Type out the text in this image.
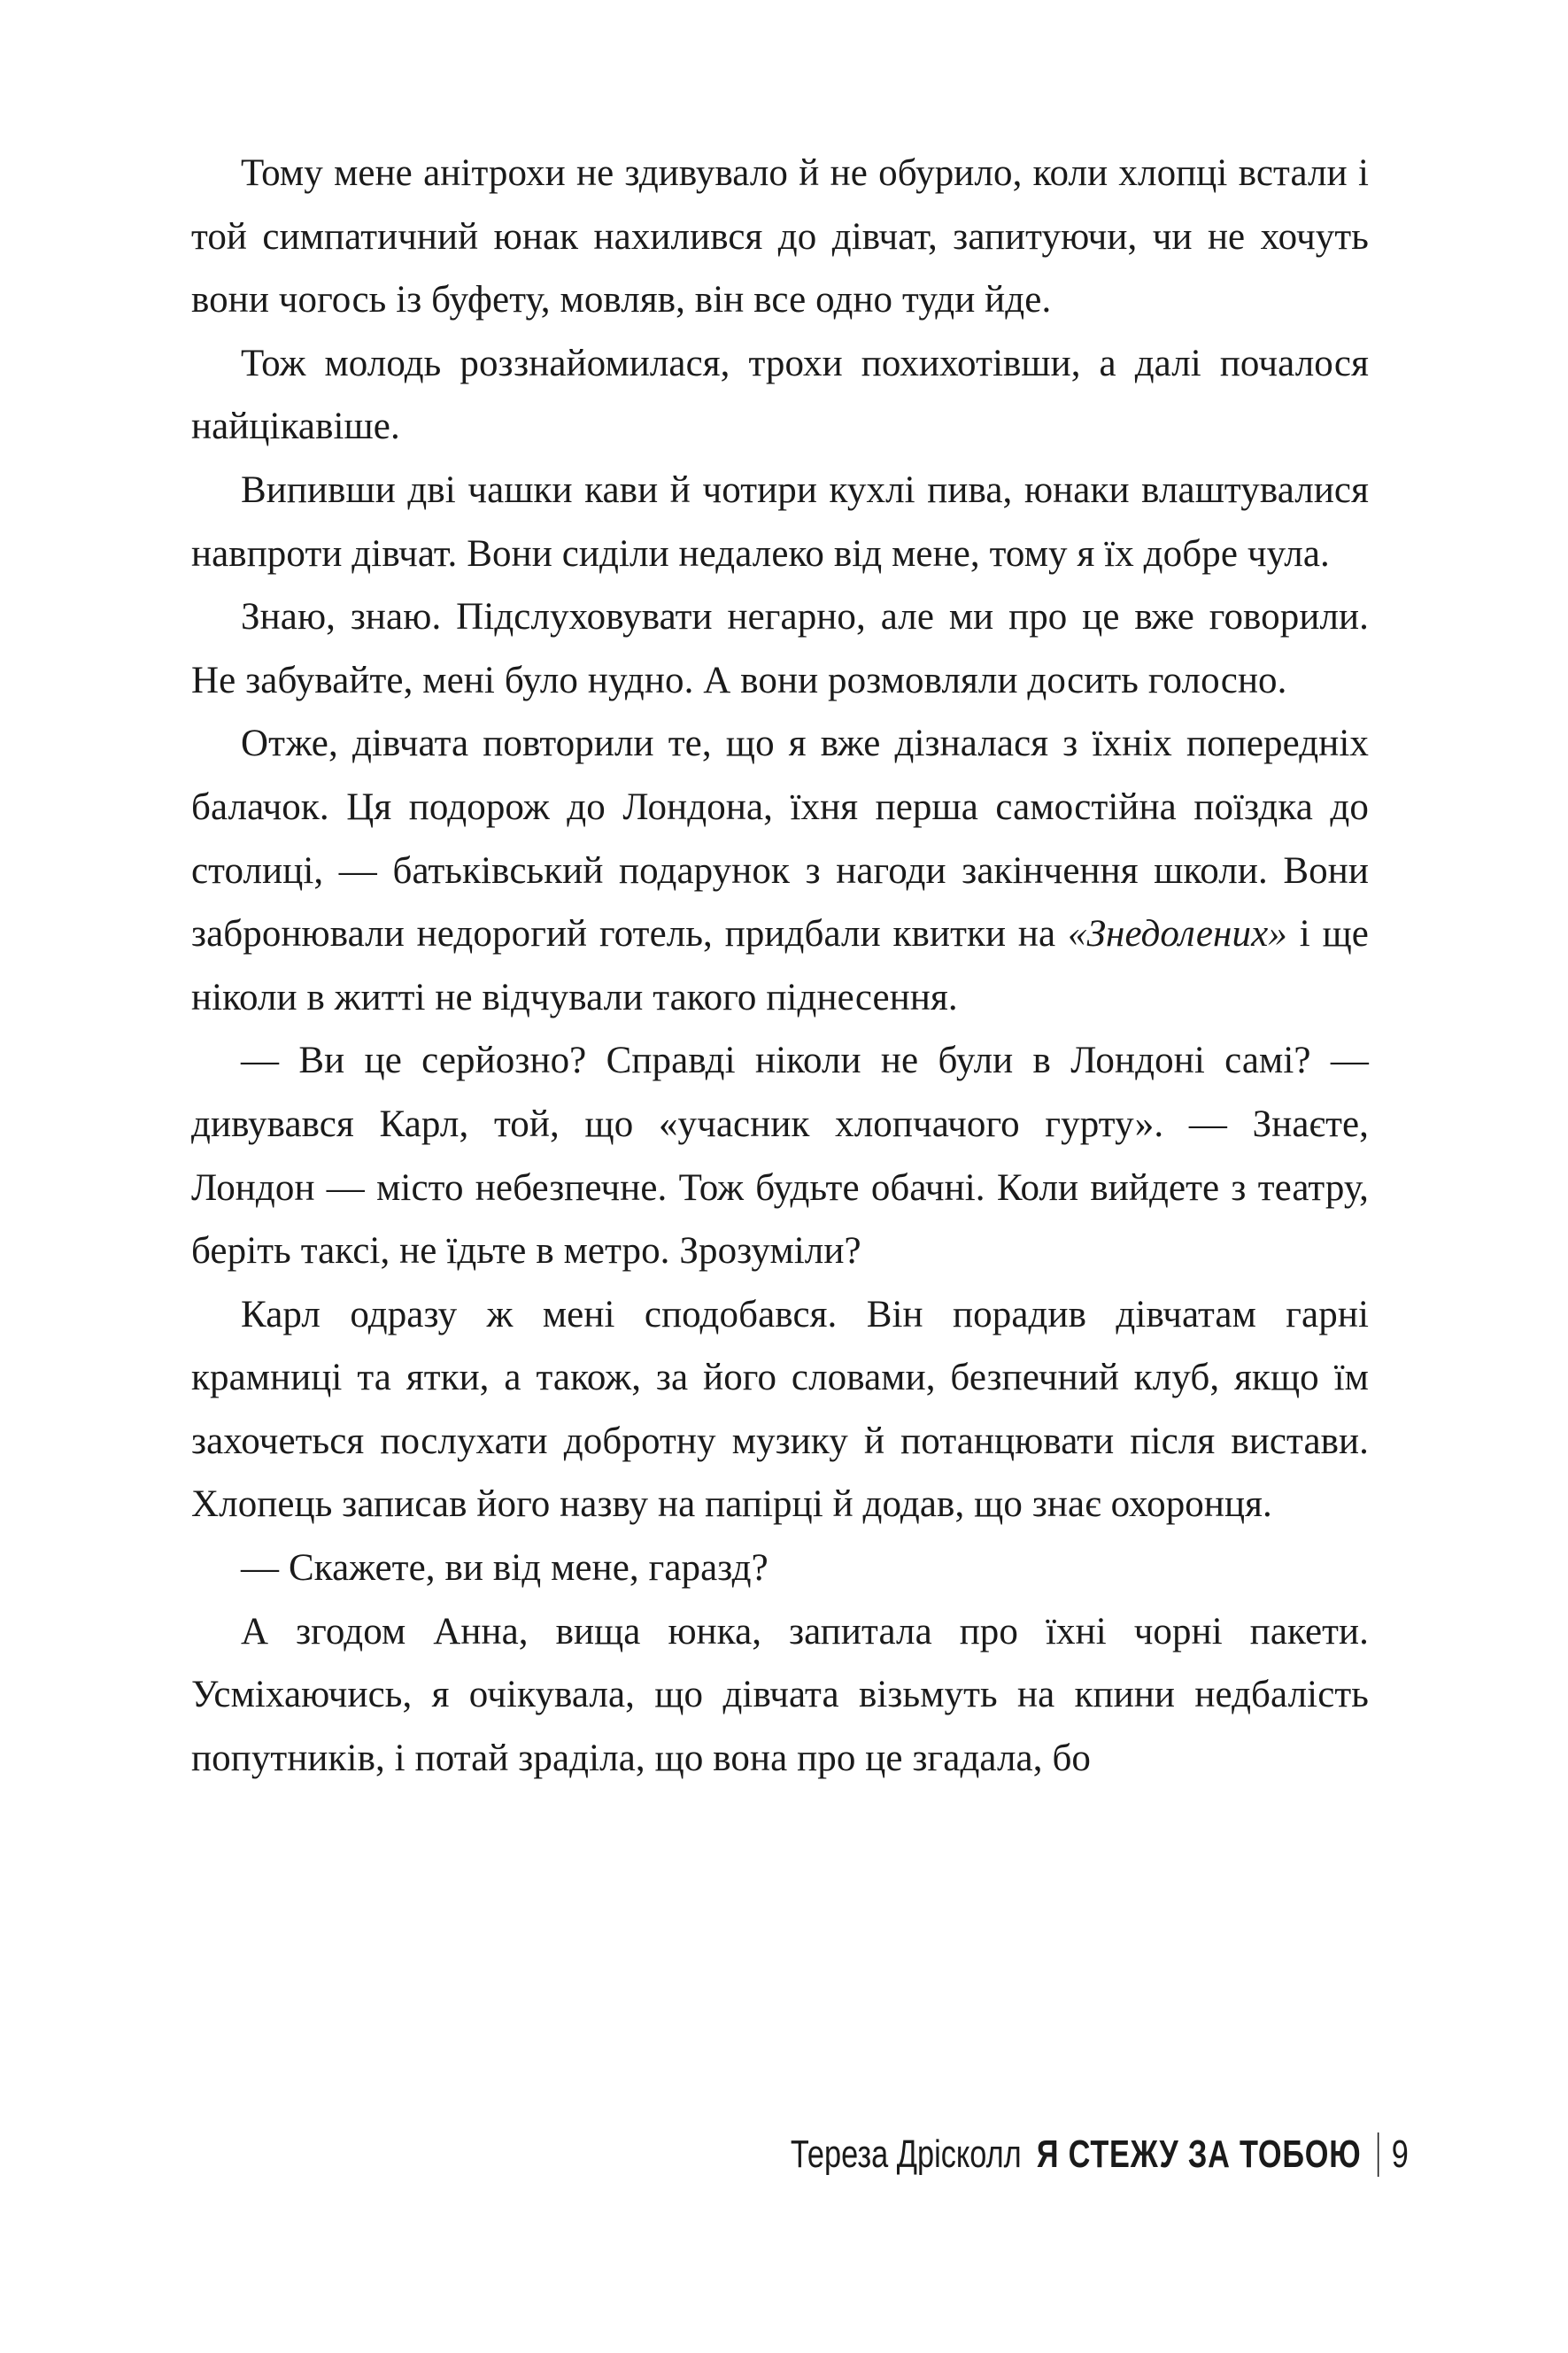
Тому мене анітрохи не здивувало й не обурило, коли хлопці встали і той симпатичний юнак нахилився до дівчат, запитуючи, чи не хочуть вони чогось із буфету, мовляв, він все одно туди йде.

Тож молодь роззнайомилася, трохи похихотівши, а далі почалося найцікавіше.

Випивши дві чашки кави й чотири кухлі пива, юнаки влаштувалися навпроти дівчат. Вони сиділи недалеко від мене, тому я їх добре чула.

Знаю, знаю. Підслуховувати негарно, але ми про це вже говорили. Не забувайте, мені було нудно. А вони розмовляли досить голосно.

Отже, дівчата повторили те, що я вже дізналася з їхніх попередніх балачок. Ця подорож до Лондона, їхня перша самостійна поїздка до столиці, — батьківський подарунок з нагоди закінчення школи. Вони забронювали недорогий готель, придбали квитки на «Знедолених» і ще ніколи в житті не відчували такого піднесення.

— Ви це серйозно? Справді ніколи не були в Лондоні самі? — дивувався Карл, той, що «учасник хлопчачого гурту». — Знаєте, Лондон — місто небезпечне. Тож будьте обачні. Коли вийдете з театру, беріть таксі, не їдьте в метро. Зрозуміли?

Карл одразу ж мені сподобався. Він порадив дівчатам гарні крамниці та ятки, а також, за його словами, безпечний клуб, якщо їм захочеться послухати добротну музику й потанцювати після вистави. Хлопець записав його назву на папірці й додав, що знає охоронця.

— Скажете, ви від мене, гаразд?

А згодом Анна, вища юнка, запитала про їхні чорні пакети. Усміхаючись, я очікувала, що дівчата візьмуть на кпини недбалість попутників, і потай зраділа, що вона про це згадала, бо

Тереза Дрісколл Я СТЕЖУ ЗА ТОБОЮ 9
